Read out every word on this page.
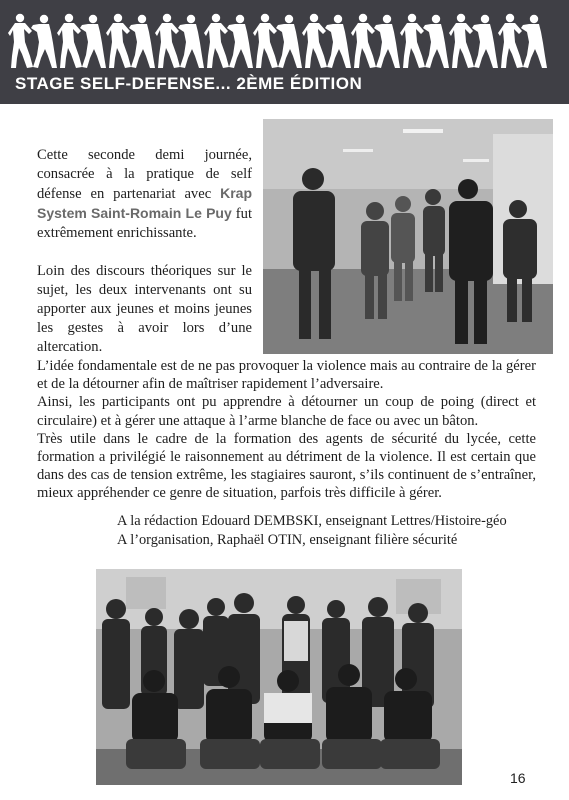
STAGE SELF-DEFENSE... 2ÈME ÉDITION

Cette seconde demi journée, consacrée à la pratique de self défense en partenariat avec Krap System Saint-Romain Le Puy fut extrêmement enrichissante.

Loin des discours théoriques sur le sujet, les deux intervenants ont su apporter aux jeunes et moins jeunes les gestes à avoir lors d’une altercation.

L’idée fondamentale est de ne pas provoquer la violence mais au contraire de la gérer et de la détourner afin de maîtriser rapidement l’adversaire.

Ainsi, les participants ont pu apprendre à détourner un coup de poing (direct et circulaire) et à gérer une attaque à l’arme blanche de face ou avec un bâton.

Très utile dans le cadre de la formation des agents de sécurité du lycée, cette formation a privilégié le raisonnement au détriment de la violence. Il est certain que dans des cas de tension extrême, les stagiaires sauront, s’ils continuent de s’entraîner, mieux appréhender ce genre de situation, parfois très difficile à gérer.

A la rédaction Edouard DEMBSKI, enseignant Lettres/Histoire-géo
A l’organisation, Raphaël OTIN, enseignant filière sécurité
16
